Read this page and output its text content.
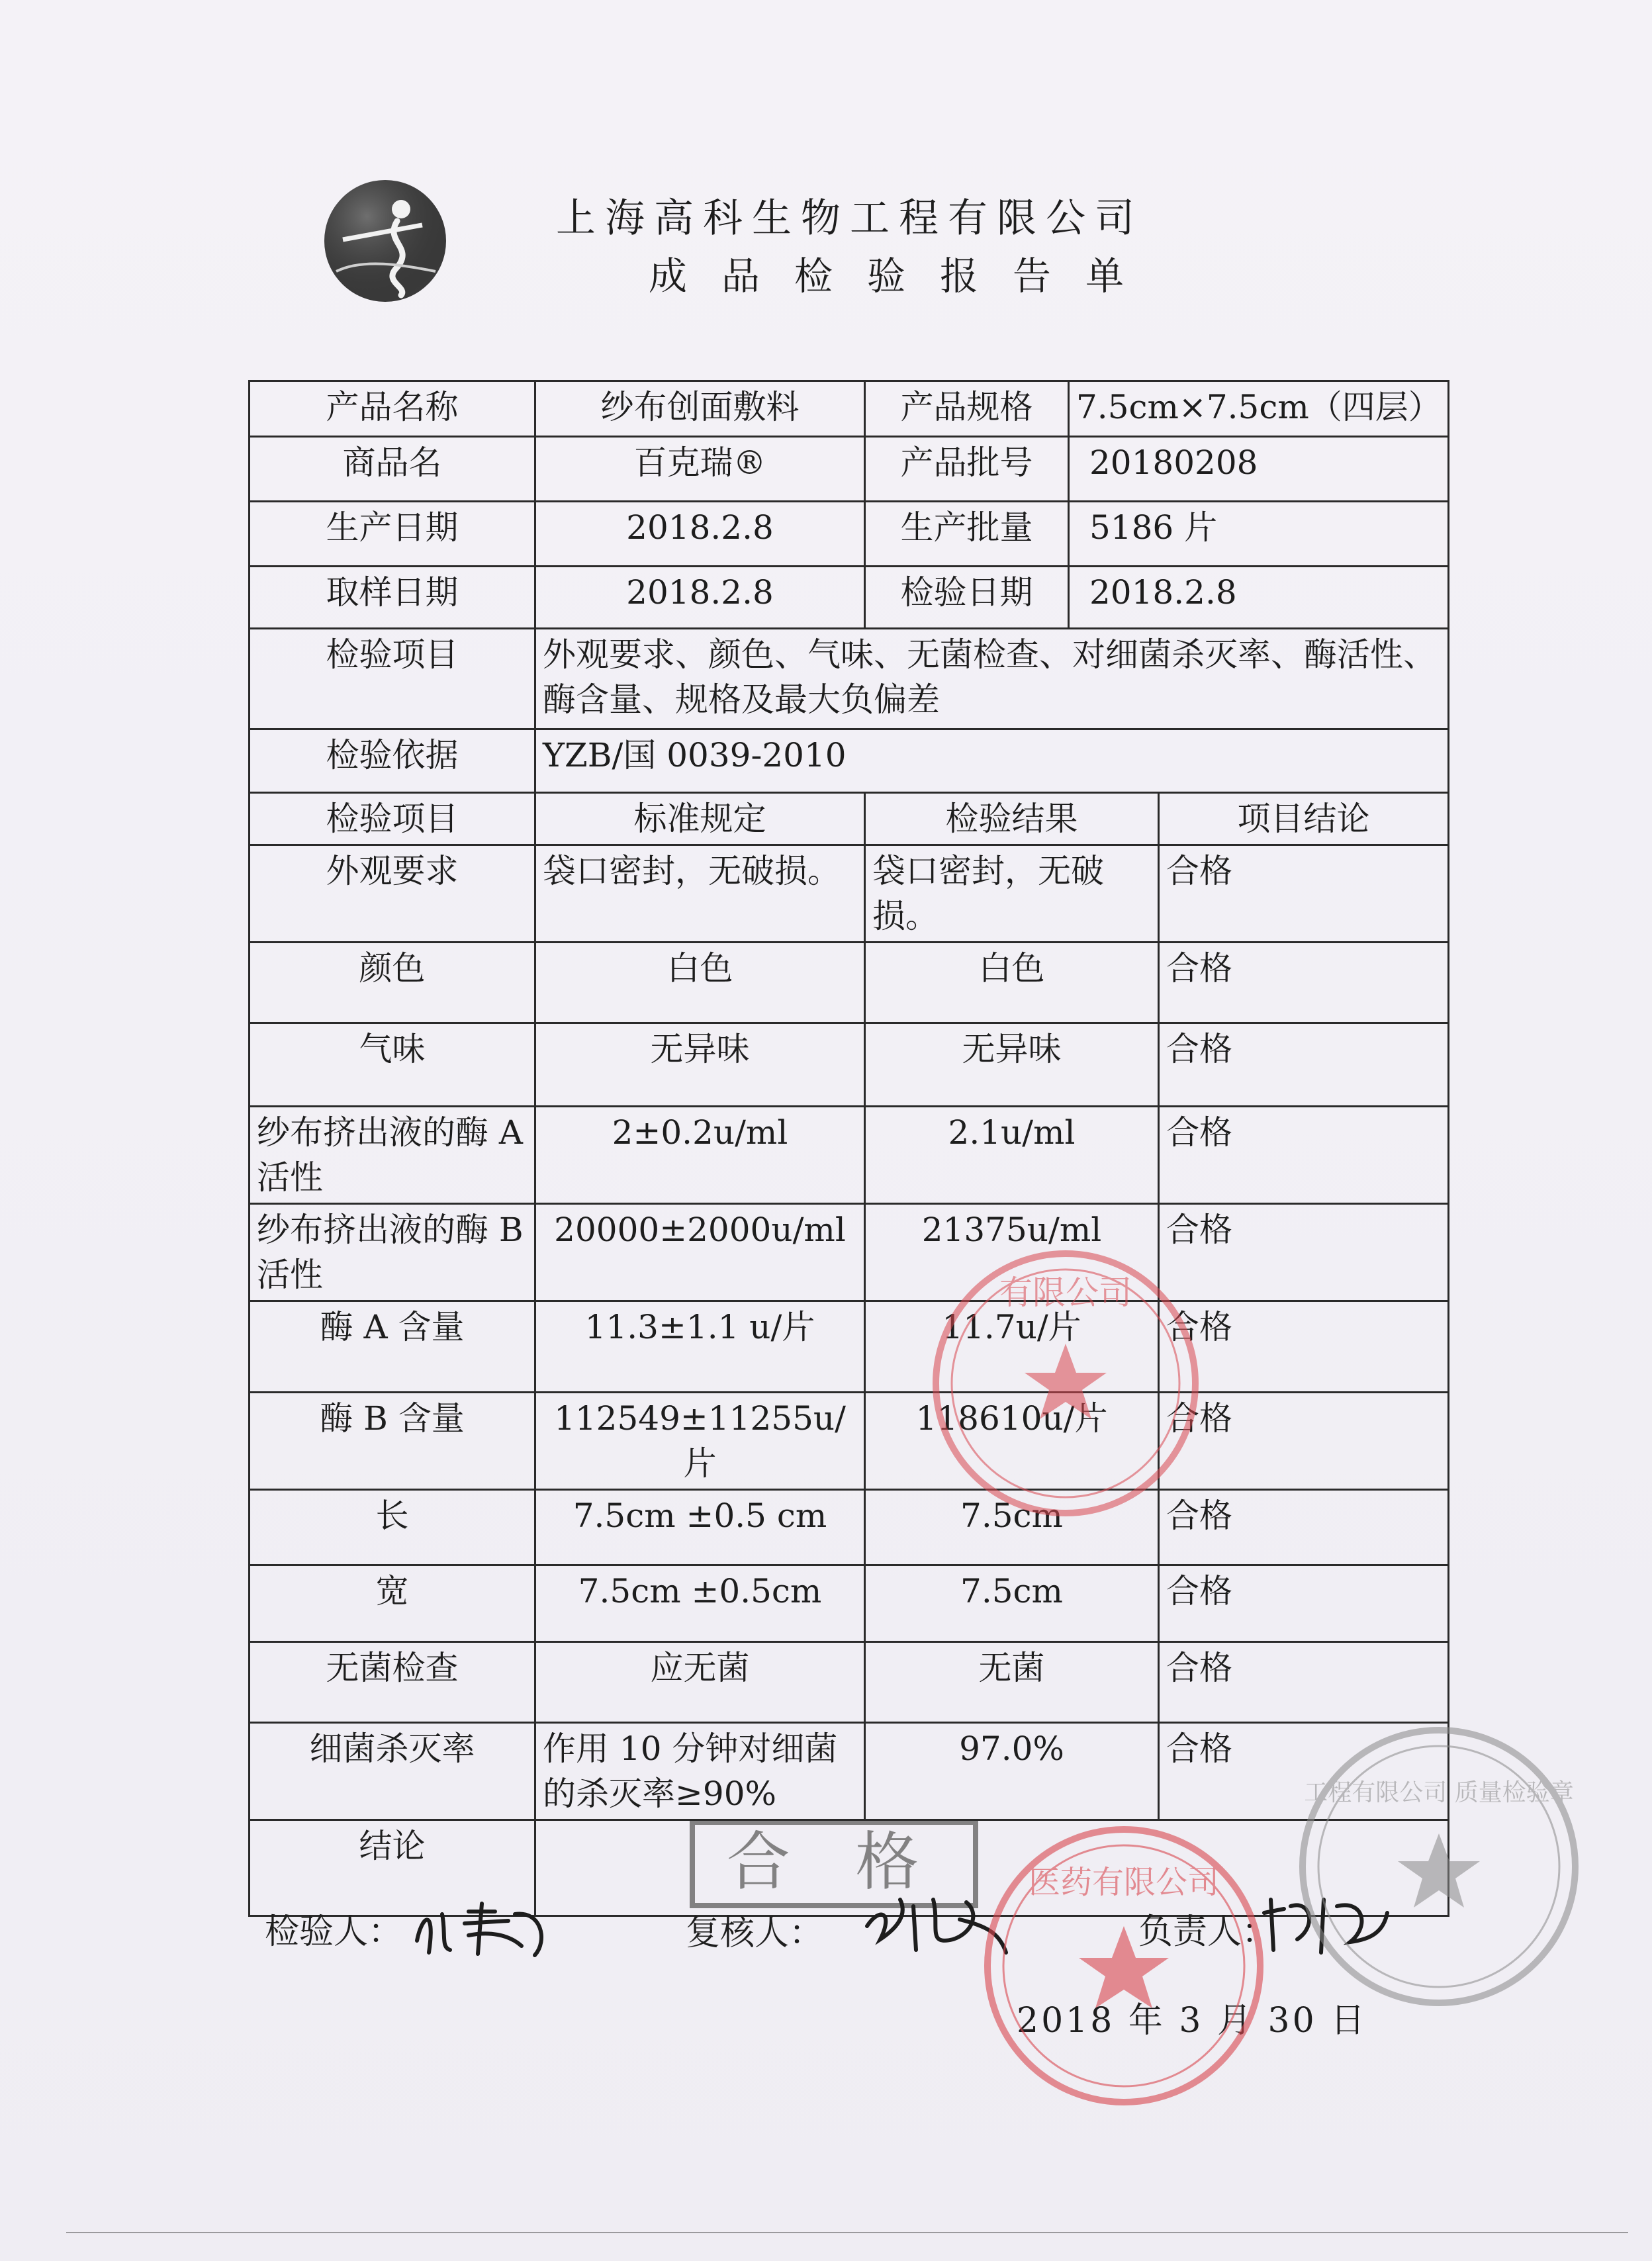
上海高科生物工程有限公司
成品检验报告单
产品名称	纱布创面敷料	产品规格	7.5cm×7.5cm（四层）	
商品名	百克瑞®	产品批号	20180208	
生产日期	2018.2.8	生产批量	5186 片	
取样日期	2018.2.8	检验日期	2018.2.8	
检验项目	外观要求、颜色、气味、无菌检查、对细菌杀灭率、酶活性、酶含量、规格及最大负偏差			
检验依据	YZB/国 0039-2010			
检验项目	标准规定	检验结果		项目结论
外观要求	袋口密封，无破损。	袋口密封，无破损。		合格
颜色	白色	白色		合格
气味	无异味	无异味		合格
纱布挤出液的酶 A 活性	2±0.2u/ml	2.1u/ml		合格
纱布挤出液的酶 B 活性	20000±2000u/ml	21375u/ml		合格
酶 A 含量	11.3±1.1 u/片	11.7u/片		合格
酶 B 含量	112549±11255u/片	118610u/片		合格
长	7.5cm ±0.5 cm	7.5cm		合格
宽	7.5cm ±0.5cm	7.5cm		合格
无菌检查	应无菌	无菌		合格
细菌杀灭率	作用 10 分钟对细菌的杀灭率≥90%	97.0%		合格
结论	合 格			
检验人：	复核人：	负责人：
2018 年 3 月 30 日
有限公司
医药有限公司
工程有限公司 质量检验章
